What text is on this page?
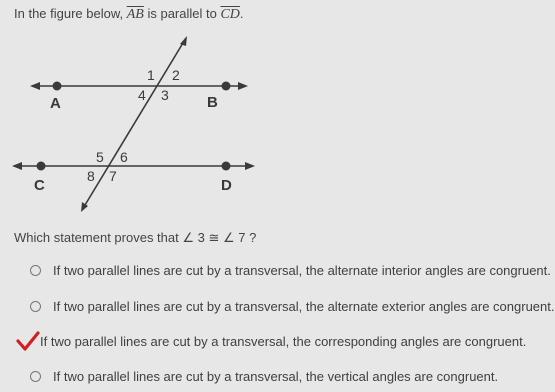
In the figure below, $\overline{AB}$ is parallel to $\overline{CD}$.
A	B
C	D
1 2
4 3
5 6
8 7
Which statement proves that ∠ 3 ≅ ∠ 7 ?
If two parallel lines are cut by a transversal, the alternate interior angles are congruent.
If two parallel lines are cut by a transversal, the alternate exterior angles are congruent.
If two parallel lines are cut by a transversal, the corresponding angles are congruent.
If two parallel lines are cut by a transversal, the vertical angles are congruent.
